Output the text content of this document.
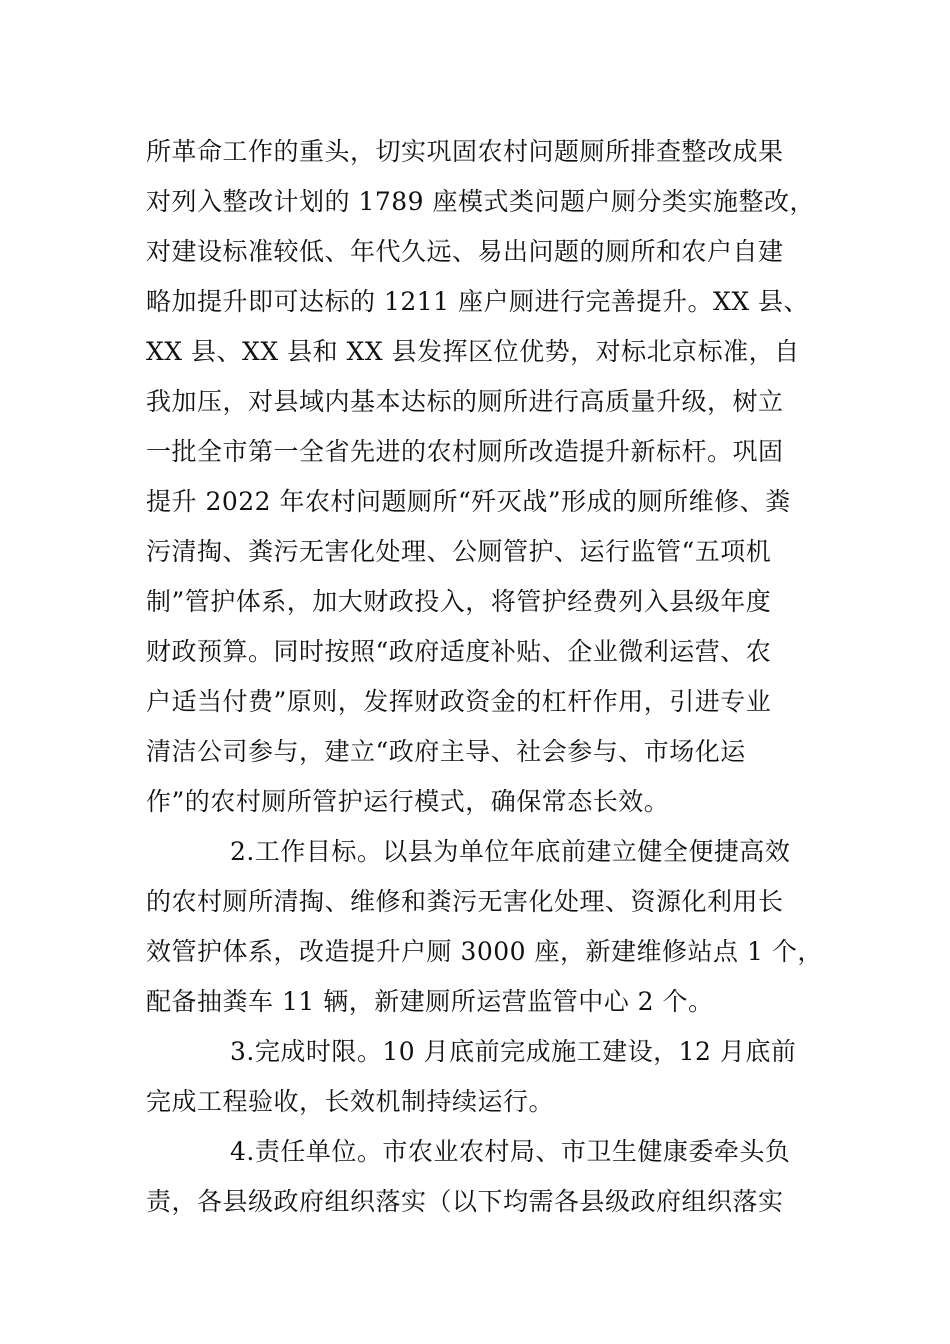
所革命工作的重头，切实巩固农村问题厕所排查整改成果
对列入整改计划的 1789 座模式类问题户厕分类实施整改，
对建设标准较低、年代久远、易出问题的厕所和农户自建
略加提升即可达标的 1211 座户厕进行完善提升。XX 县、
XX 县、XX 县和 XX 县发挥区位优势，对标北京标准，自
我加压，对县域内基本达标的厕所进行高质量升级，树立
一批全市第一全省先进的农村厕所改造提升新标杆。巩固
提升 2022 年农村问题厕所“歼灭战”形成的厕所维修、粪
污清掏、粪污无害化处理、公厕管护、运行监管“五项机
制”管护体系，加大财政投入，将管护经费列入县级年度
财政预算。同时按照“政府适度补贴、企业微利运营、农
户适当付费”原则，发挥财政资金的杠杆作用，引进专业
清洁公司参与，建立“政府主导、社会参与、市场化运
作”的农村厕所管护运行模式，确保常态长效。
2.工作目标。以县为单位年底前建立健全便捷高效
的农村厕所清掏、维修和粪污无害化处理、资源化利用长
效管护体系，改造提升户厕 3000 座，新建维修站点 1 个，
配备抽粪车 11 辆，新建厕所运营监管中心 2 个。
3.完成时限。10 月底前完成施工建设，12 月底前
完成工程验收，长效机制持续运行。
4.责任单位。市农业农村局、市卫生健康委牵头负
责，各县级政府组织落实（以下均需各县级政府组织落实
